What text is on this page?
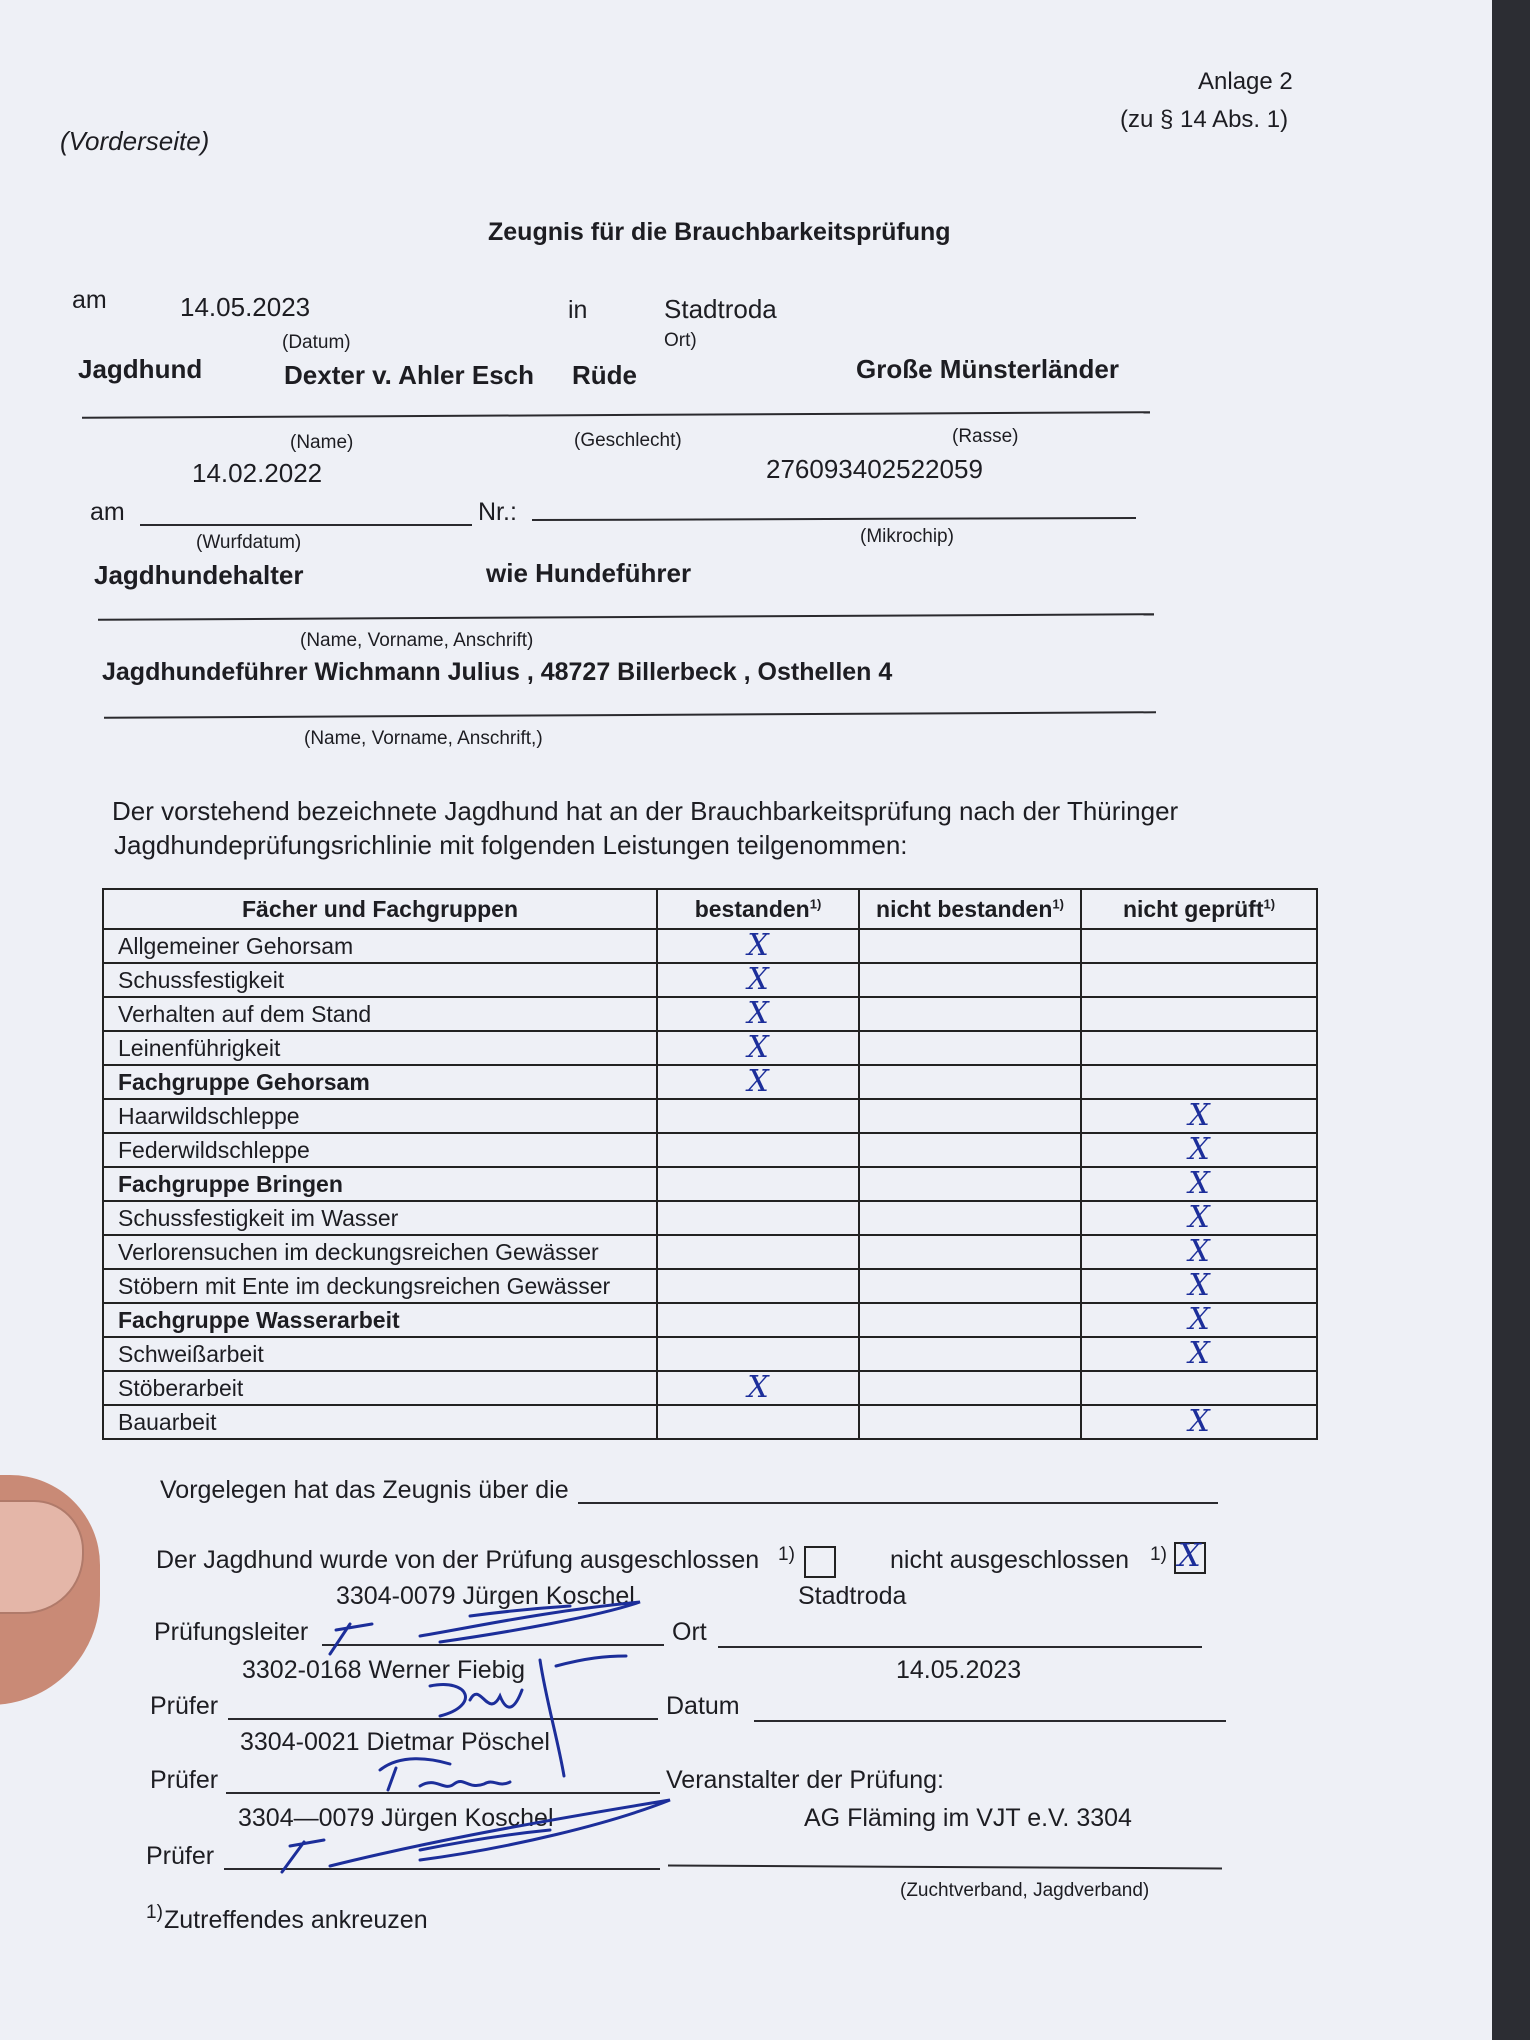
Anlage 2
(zu § 14 Abs. 1)
(Vorderseite)
Zeugnis für die Brauchbarkeitsprüfung
am	14.05.2023
(Datum)
in	Stadtroda
Ort)
Jagdhund	Dexter v. Ahler Esch Rüde	Große Münsterländer
(Name)	(Geschlecht)	(Rasse)
14.02.2022	276093402522059
am	Nr.:
(Wurfdatum)	(Mikrochip)
Jagdhundehalter	wie Hundeführer
(Name, Vorname, Anschrift)
Jagdhundeführer Wichmann Julius , 48727 Billerbeck , Osthellen 4
(Name, Vorname, Anschrift,)
Der vorstehend bezeichnete Jagdhund hat an der Brauchbarkeitsprüfung nach der Thüringer
Jagdhundeprüfungsrichlinie mit folgenden Leistungen teilgenommen:
Fächer und Fachgruppen	bestanden$^{1)}$	nicht bestanden$^{1)}$	nicht geprüft$^{1)}$
Allgemeiner Gehorsam	X		
Schussfestigkeit	X		
Verhalten auf dem Stand	X		
Leinenführigkeit	X		
Fachgruppe Gehorsam	X		
Haarwildschleppe			X
Federwildschleppe			X
Fachgruppe Bringen			X
Schussfestigkeit im Wasser			X
Verlorensuchen im deckungsreichen Gewässer			X
Stöbern mit Ente im deckungsreichen Gewässer			X
Fachgruppe Wasserarbeit			X
Schweißarbeit			X
Stöberarbeit	X		
Bauarbeit			X
Vorgelegen hat das Zeugnis über die
Der Jagdhund wurde von der Prüfung ausgeschlossen 1)	nicht ausgeschlossen 1) X
3304-0079 Jürgen Koschel	Stadtroda
Prüfungsleiter	Ort
3302-0168 Werner Fiebig	14.05.2023
Prüfer	Datum
3304-0021 Dietmar Pöschel
Prüfer	Veranstalter der Prüfung:
3304—0079 Jürgen Koschel	AG Fläming im VJT e.V. 3304
Prüfer
(Zuchtverband, Jagdverband)
1) Zutreffendes ankreuzen
